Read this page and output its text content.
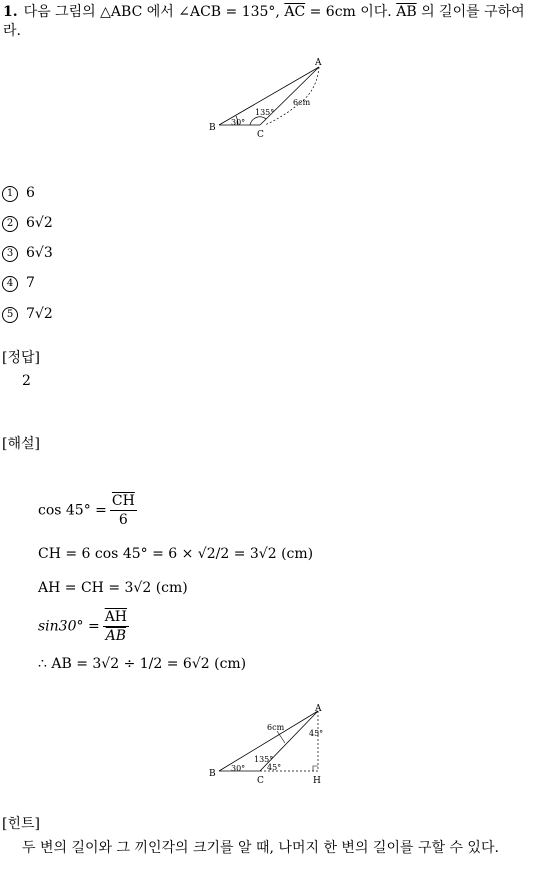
1. 다음 그림의 △ABC 에서 ∠ACB = 135°, $\overline{AC} = 6cm$ 이다. $\overline{AB}$ 의 길이를 구하여라.
A
B
C
135°
30°
6cm
1 6
2 6√2
3 6√3
4 7
5 7√2
[정답]
2
[해설]
$\cos 45^\circ = \frac{\overline{CH}}{6}$
CH = 6 cos 45° = 6 × √2/2 = 3√2 (cm)
AH = CH = 3√2 (cm)
$\sin 30^\circ = \frac{\overline{AH}}{AB}$
∴ AB = 3√2 ÷ 1/2 = 6√2 (cm)
A
B
C	H
6cm
135°
30°	45°
45°
[힌트]
두 변의 길이와 그 끼인각의 크기를 알 때, 나머지 한 변의 길이를 구할 수 있다.
